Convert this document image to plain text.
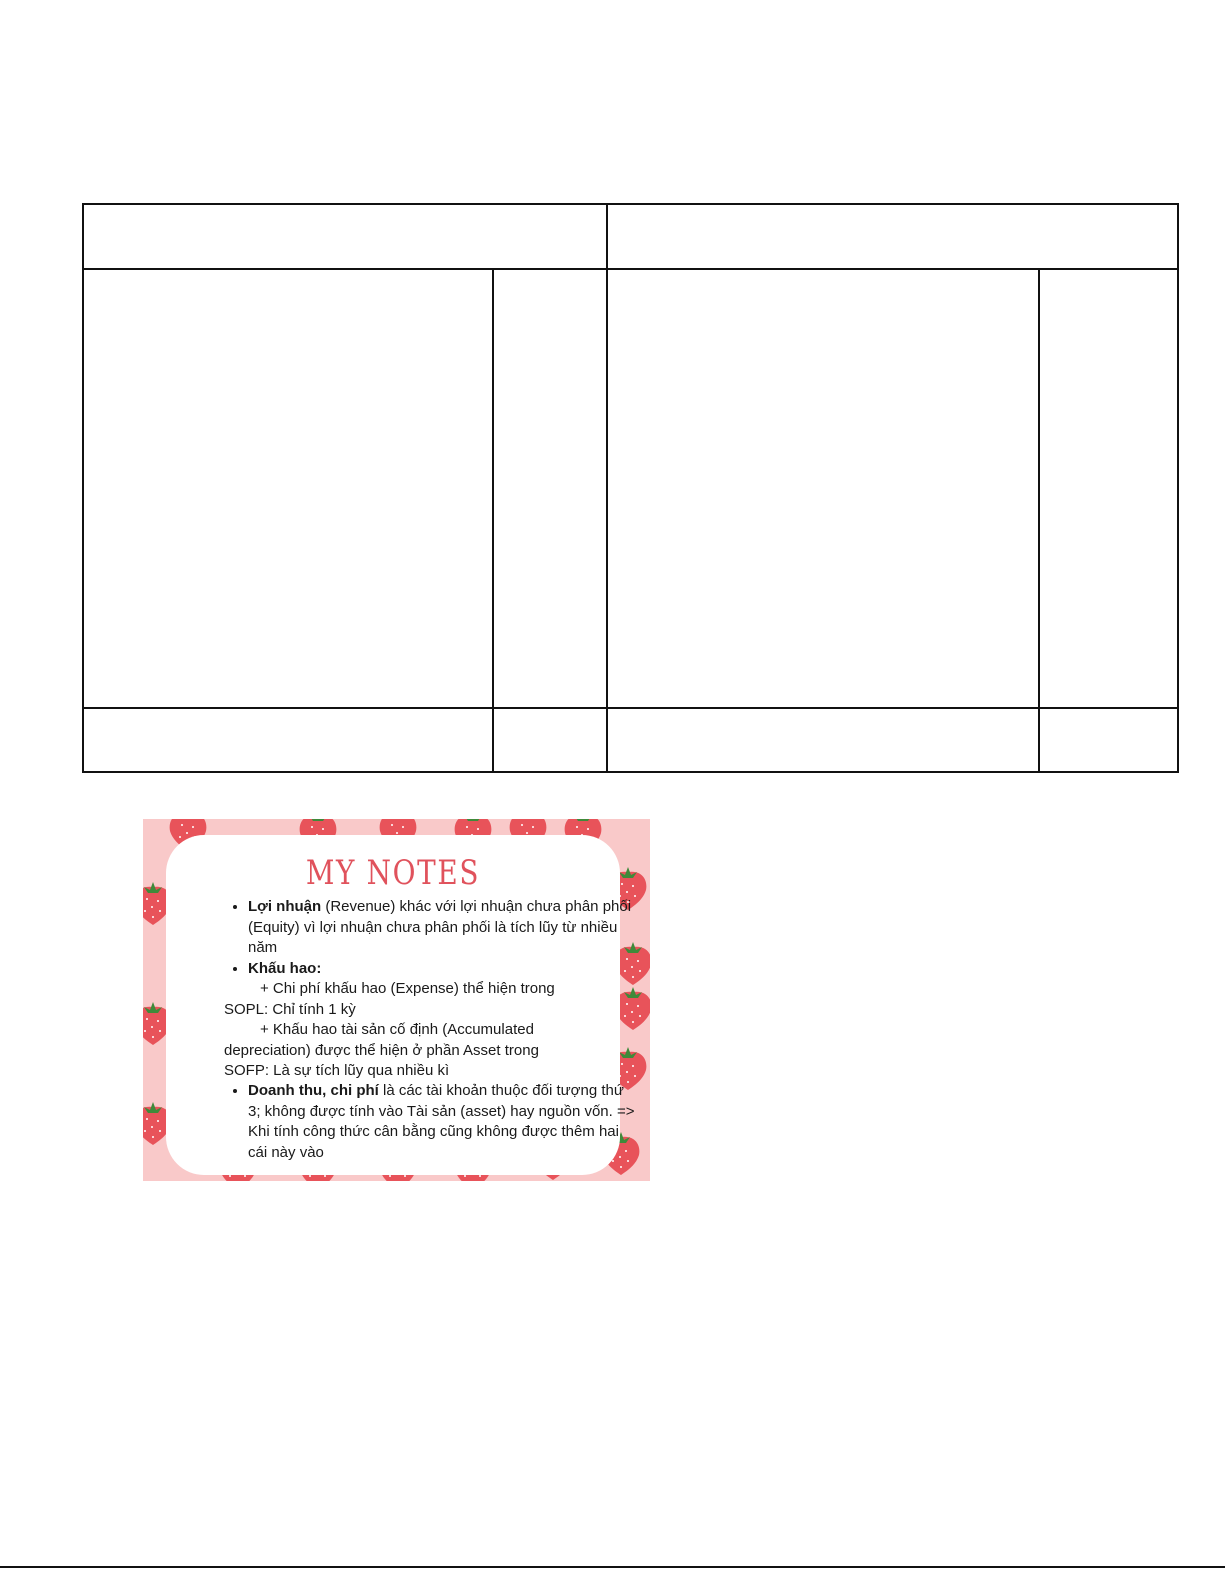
MY NOTES
• Lợi nhuận (Revenue) khác với lợi nhuận chưa phân phối (Equity) vì lợi nhuận chưa phân phối là tích lũy từ nhiều năm
• Khấu hao:

+ Chi phí khấu hao (Expense) thể hiện trong
SOPL: Chỉ tính 1 kỳ

+ Khấu hao tài sản cố định (Accumulated
depreciation) được thể hiện ở phần Asset trong
SOFP: Là sự tích lũy qua nhiều kì

• Doanh thu, chi phí là các tài khoản thuộc đối tượng thứ 3; không được tính vào Tài sản (asset) hay nguồn vốn. => Khi tính công thức cân bằng cũng không được thêm hai cái này vào
